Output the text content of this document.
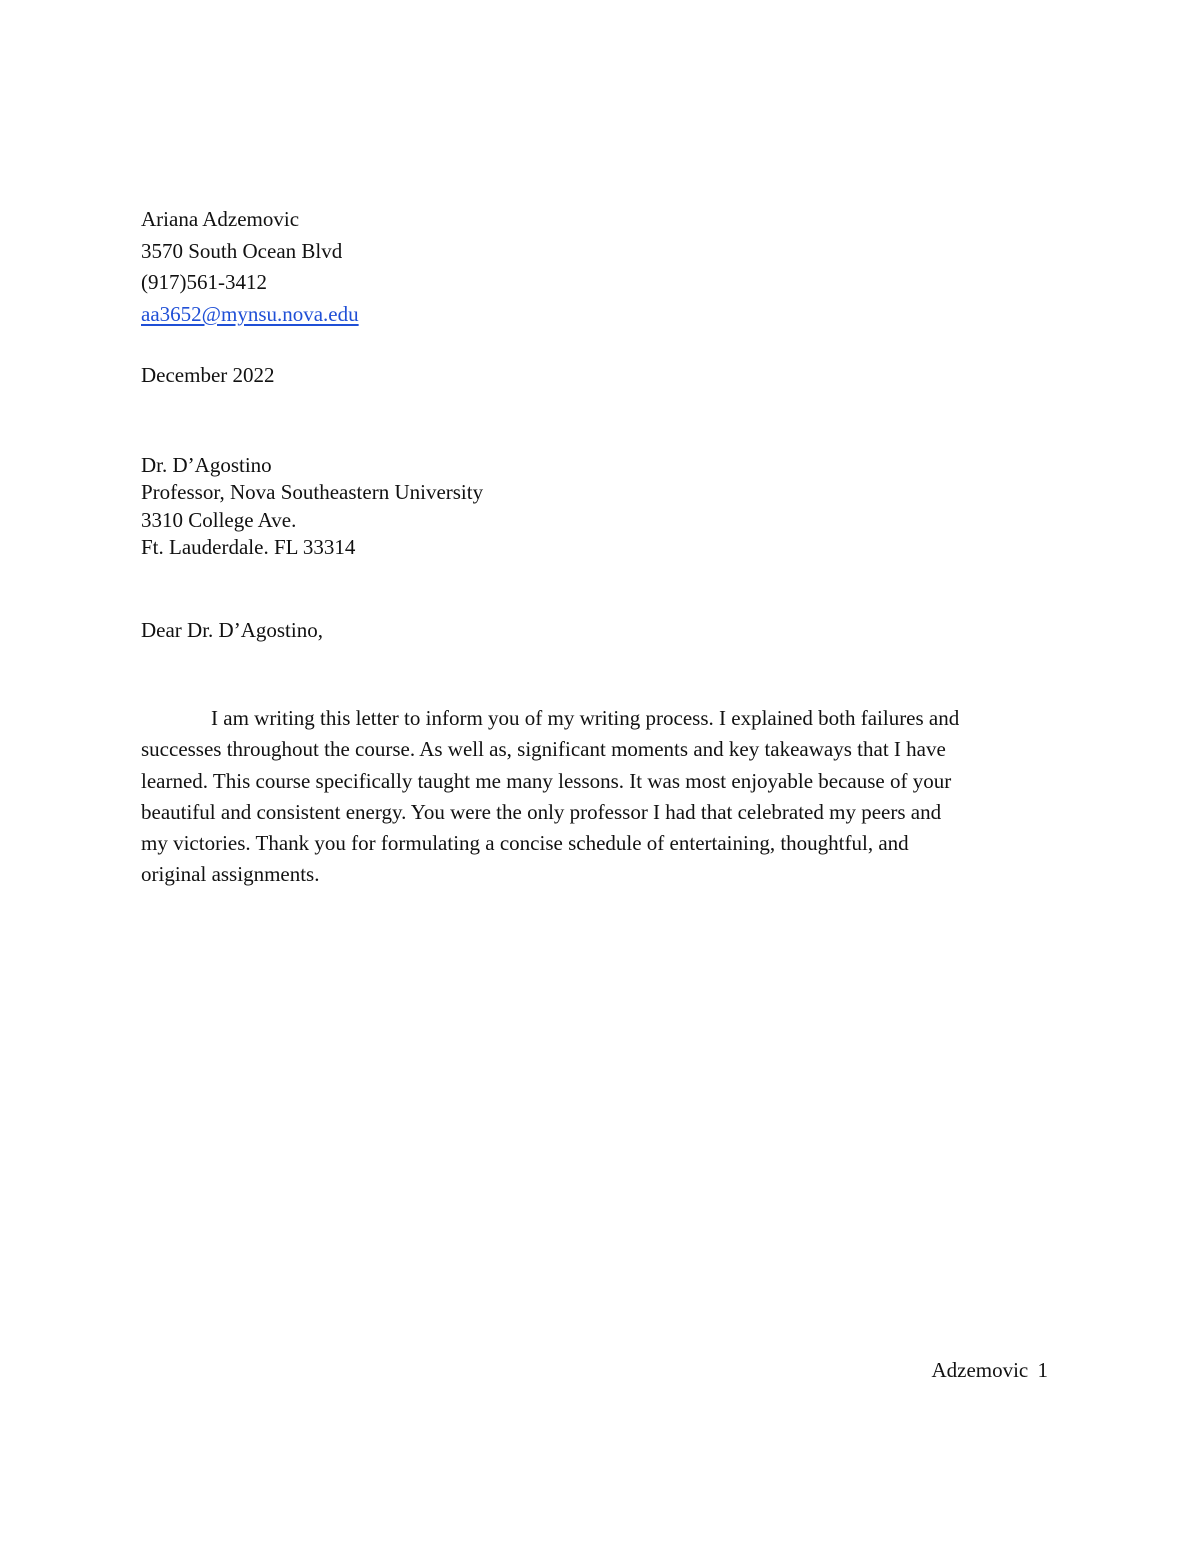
Ariana Adzemovic
3570 South Ocean Blvd
(917)561-3412
aa3652@mynsu.nova.edu
December 2022
Dr. D’Agostino
Professor, Nova Southeastern University
3310 College Ave.
Ft. Lauderdale. FL 33314
Dear Dr. D’Agostino,
I am writing this letter to inform you of my writing process. I explained both failures and
successes throughout the course. As well as, significant moments and key takeaways that I have
learned. This course specifically taught me many lessons. It was most enjoyable because of your
beautiful and consistent energy. You were the only professor I had that celebrated my peers and
my victories. Thank you for formulating a concise schedule of entertaining, thoughtful, and
original assignments.
Adzemovic 1
